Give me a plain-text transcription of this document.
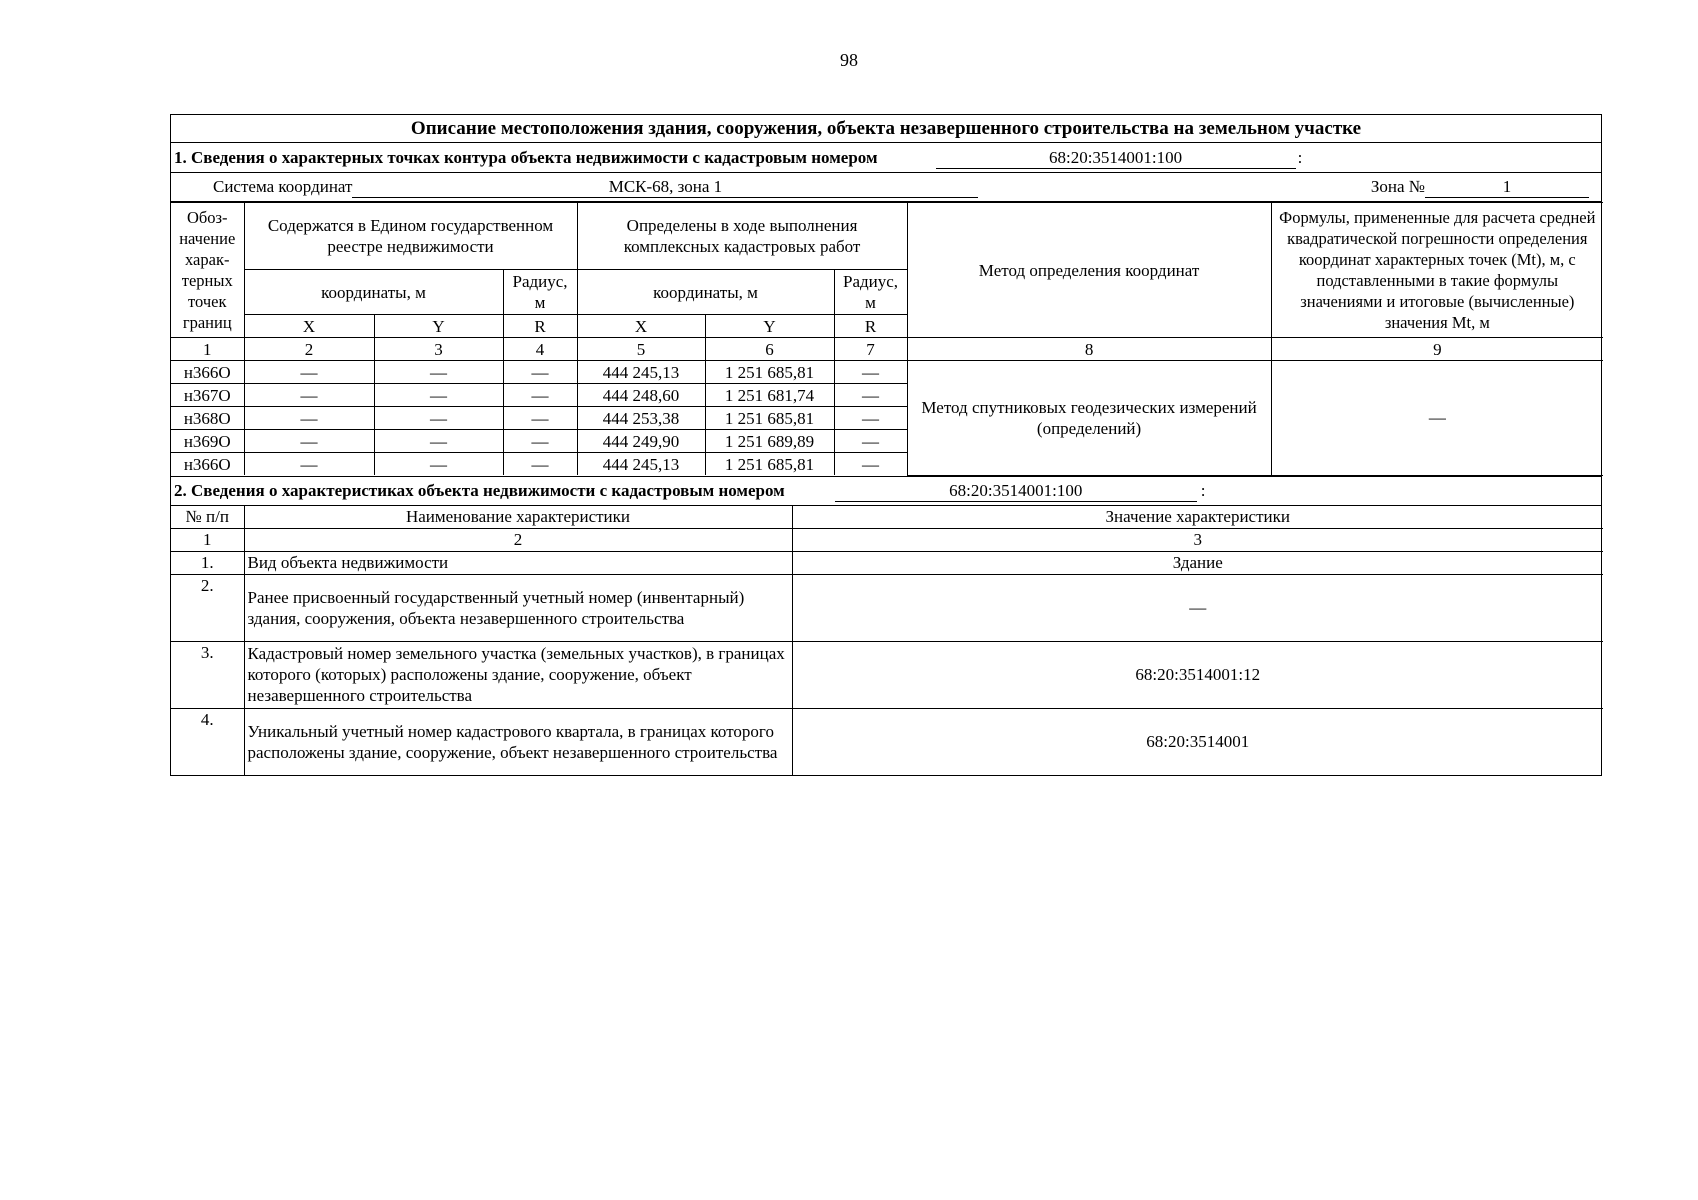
98
Описание местоположения здания, сооружения, объекта незавершенного строительства на земельном участке
1. Сведения о характерных точках контура объекта недвижимости с кадастровым номером	68:20:3514001:100	:
Система координат	МСК-68, зона 1	Зона №	1
Обоз-начение харак-терных точек границ	Содержатся в Едином государственном реестре недвижимости			Определены в ходе выполнения комплексных кадастровых работ			Метод определения координат	Формулы, примененные для расчета средней квадратической погрешности определения координат характерных точек (Mt), м, с подставленными в такие формулы значениями и итоговые (вычисленные) значения Mt, м
	координаты, м		Радиус, м	координаты, м		Радиус, м		
	X	Y	R	X	Y	R		
1	2	3	4	5	6	7	8	9
н366О	—	—	—	444 245,13	1 251 685,81	—	Метод спутниковых геодезических измерений (определений)	—
н367О	—	—	—	444 248,60	1 251 681,74	—		
н368О	—	—	—	444 253,38	1 251 685,81	—		
н369О	—	—	—	444 249,90	1 251 689,89	—		
н366О	—	—	—	444 245,13	1 251 685,81	—		
2. Сведения о характеристиках объекта недвижимости с кадастровым номером	68:20:3514001:100	:
№ п/п	Наименование характеристики	Значение характеристики
1	2	3
1.	Вид объекта недвижимости	Здание
2.	Ранее присвоенный государственный учетный номер (инвентарный) здания, сооружения, объекта незавершенного строительства	—
3.	Кадастровый номер земельного участка (земельных участков), в границах которого (которых) расположены здание, сооружение, объект незавершенного строительства	68:20:3514001:12
4.	Уникальный учетный номер кадастрового квартала, в границах которого расположены здание, сооружение, объект незавершенного строительства	68:20:3514001
